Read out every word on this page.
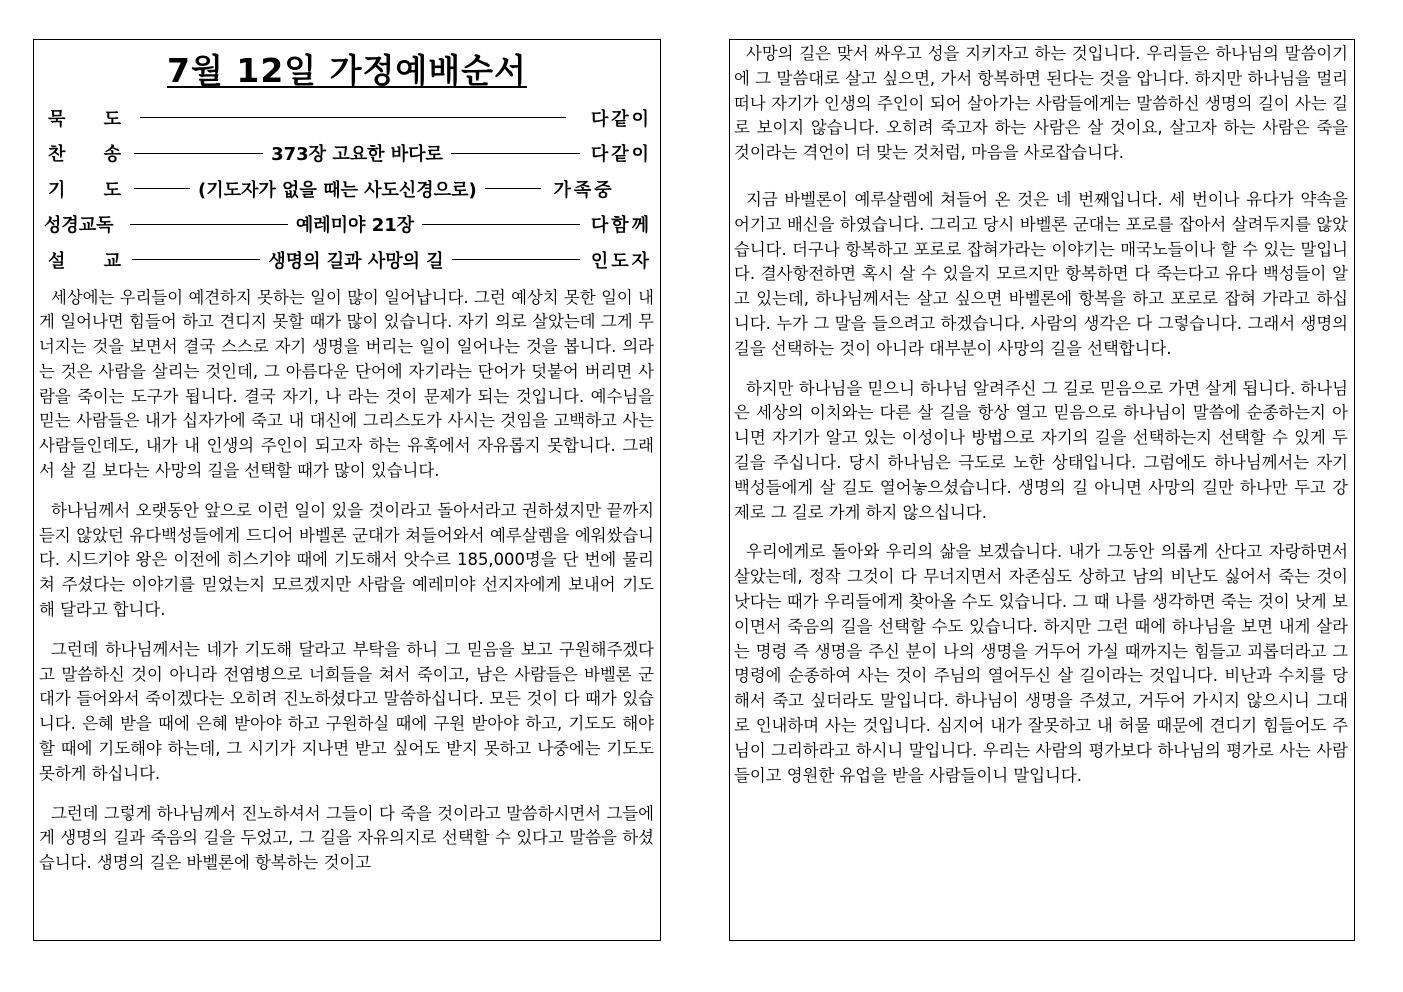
7월 12일 가정예배순서
묵 도	다같이
찬 송	373장 고요한 바다로	다같이
기 도	(기도자가 없을 때는 사도신경으로)	가족중
성경교독	예레미야 21장	다함께
설 교	생명의 길과 사망의 길	인도자

세상에는 우리들이 예견하지 못하는 일이 많이 일어납니다. 그런 예상치 못한 일이 내게 일어나면 힘들어 하고 견디지 못할 때가 많이 있습니다. 자기 의로 살았는데 그게 무너지는 것을 보면서 결국 스스로 자기 생명을 버리는 일이 일어나는 것을 봅니다. 의라는 것은 사람을 살리는 것인데, 그 아름다운 단어에 자기라는 단어가 덧붙어 버리면 사람을 죽이는 도구가 됩니다. 결국 자기, 나 라는 것이 문제가 되는 것입니다. 예수님을 믿는 사람들은 내가 십자가에 죽고 내 대신에 그리스도가 사시는 것임을 고백하고 사는 사람들인데도, 내가 내 인생의 주인이 되고자 하는 유혹에서 자유롭지 못합니다. 그래서 살 길 보다는 사망의 길을 선택할 때가 많이 있습니다.

하나님께서 오랫동안 앞으로 이런 일이 있을 것이라고 돌아서라고 권하셨지만 끝까지 듣지 않았던 유다백성들에게 드디어 바벨론 군대가 쳐들어와서 예루살렘을 에워쌌습니다. 시드기야 왕은 이전에 히스기야 때에 기도해서 앗수르 185,000명을 단 번에 물리쳐 주셨다는 이야기를 믿었는지 모르겠지만 사람을 예레미야 선지자에게 보내어 기도해 달라고 합니다.

그런데 하나님께서는 네가 기도해 달라고 부탁을 하니 그 믿음을 보고 구원해주겠다고 말씀하신 것이 아니라 전염병으로 너희들을 쳐서 죽이고, 남은 사람들은 바벨론 군대가 들어와서 죽이겠다는 오히려 진노하셨다고 말씀하십니다. 모든 것이 다 때가 있습니다. 은혜 받을 때에 은혜 받아야 하고 구원하실 때에 구원 받아야 하고, 기도도 해야 할 때에 기도해야 하는데, 그 시기가 지나면 받고 싶어도 받지 못하고 나중에는 기도도 못하게 하십니다.

그런데 그렇게 하나님께서 진노하셔서 그들이 다 죽을 것이라고 말씀하시면서 그들에게 생명의 길과 죽음의 길을 두었고, 그 길을 자유의지로 선택할 수 있다고 말씀을 하셨습니다. 생명의 길은 바벨론에 항복하는 것이고

사망의 길은 맞서 싸우고 성을 지키자고 하는 것입니다. 우리들은 하나님의 말씀이기에 그 말씀대로 살고 싶으면, 가서 항복하면 된다는 것을 압니다. 하지만 하나님을 멀리 떠나 자기가 인생의 주인이 되어 살아가는 사람들에게는 말씀하신 생명의 길이 사는 길로 보이지 않습니다. 오히려 죽고자 하는 사람은 살 것이요, 살고자 하는 사람은 죽을 것이라는 격언이 더 맞는 것처럼, 마음을 사로잡습니다.

지금 바벨론이 예루살렘에 쳐들어 온 것은 네 번째입니다. 세 번이나 유다가 약속을 어기고 배신을 하였습니다. 그리고 당시 바벨론 군대는 포로를 잡아서 살려두지를 않았습니다. 더구나 항복하고 포로로 잡혀가라는 이야기는 매국노들이나 할 수 있는 말입니다. 결사항전하면 혹시 살 수 있을지 모르지만 항복하면 다 죽는다고 유다 백성들이 알고 있는데, 하나님께서는 살고 싶으면 바벨론에 항복을 하고 포로로 잡혀 가라고 하십니다. 누가 그 말을 들으려고 하겠습니다. 사람의 생각은 다 그렇습니다. 그래서 생명의 길을 선택하는 것이 아니라 대부분이 사망의 길을 선택합니다.

하지만 하나님을 믿으니 하나님 알려주신 그 길로 믿음으로 가면 살게 됩니다. 하나님은 세상의 이치와는 다른 살 길을 항상 열고 믿음으로 하나님이 말씀에 순종하는지 아니면 자기가 알고 있는 이성이나 방법으로 자기의 길을 선택하는지 선택할 수 있게 두 길을 주십니다. 당시 하나님은 극도로 노한 상태입니다. 그럼에도 하나님께서는 자기 백성들에게 살 길도 열어놓으셨습니다. 생명의 길 아니면 사망의 길만 하나만 두고 강제로 그 길로 가게 하지 않으십니다.

우리에게로 돌아와 우리의 삶을 보겠습니다. 내가 그동안 의롭게 산다고 자랑하면서 살았는데, 정작 그것이 다 무너지면서 자존심도 상하고 남의 비난도 싫어서 죽는 것이 낫다는 때가 우리들에게 찾아올 수도 있습니다. 그 때 나를 생각하면 죽는 것이 낫게 보이면서 죽음의 길을 선택할 수도 있습니다. 하지만 그런 때에 하나님을 보면 내게 살라는 명령 즉 생명을 주신 분이 나의 생명을 거두어 가실 때까지는 힘들고 괴롭더라고 그 명령에 순종하여 사는 것이 주님의 열어두신 살 길이라는 것입니다. 비난과 수치를 당해서 죽고 싶더라도 말입니다. 하나님이 생명을 주셨고, 거두어 가시지 않으시니 그대로 인내하며 사는 것입니다. 심지어 내가 잘못하고 내 허물 때문에 견디기 힘들어도 주님이 그리하라고 하시니 말입니다. 우리는 사람의 평가보다 하나님의 평가로 사는 사람들이고 영원한 유업을 받을 사람들이니 말입니다.
